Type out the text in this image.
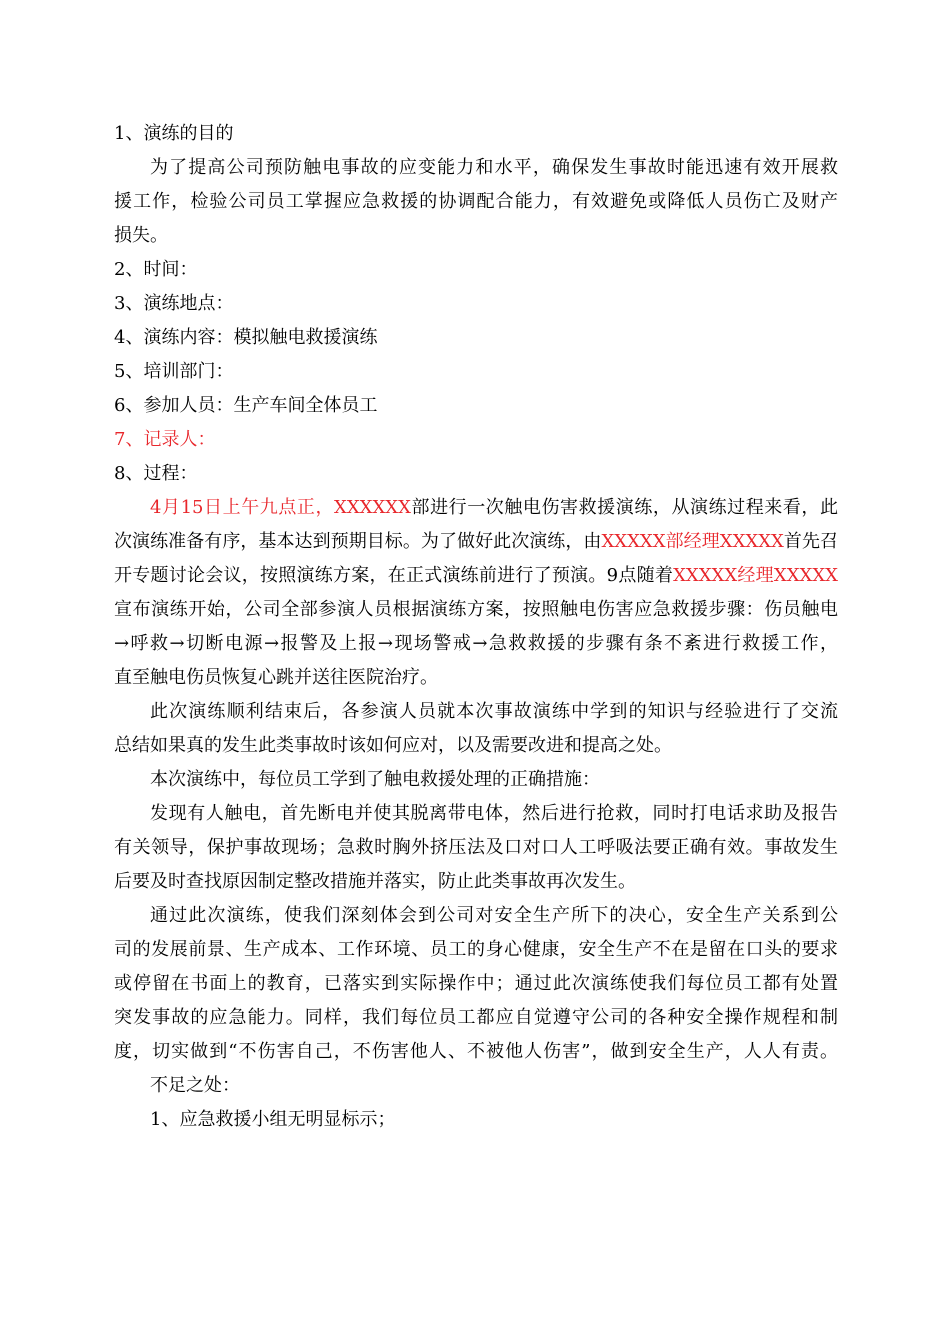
1、演练的目的
为了提高公司预防触电事故的应变能力和水平，确保发生事故时能迅速有效开展救
援工作，检验公司员工掌握应急救援的协调配合能力，有效避免或降低人员伤亡及财产
损失。
2、时间：
3、演练地点：
4、演练内容：模拟触电救援演练
5、培训部门：
6、参加人员：生产车间全体员工
7、记录人：
8、过程：
4月15日上午九点正，XXXXXX部进行一次触电伤害救援演练，从演练过程来看，此
次演练准备有序，基本达到预期目标。为了做好此次演练，由XXXXX部经理XXXXX首先召
开专题讨论会议，按照演练方案，在正式演练前进行了预演。9点随着XXXXX经理XXXXX
宣布演练开始，公司全部参演人员根据演练方案，按照触电伤害应急救援步骤：伤员触电
→呼救→切断电源→报警及上报→现场警戒→急救救援的步骤有条不紊进行救援工作，
直至触电伤员恢复心跳并送往医院治疗。
此次演练顺利结束后，各参演人员就本次事故演练中学到的知识与经验进行了交流
总结如果真的发生此类事故时该如何应对，以及需要改进和提高之处。
本次演练中，每位员工学到了触电救援处理的正确措施：
发现有人触电，首先断电并使其脱离带电体，然后进行抢救，同时打电话求助及报告
有关领导，保护事故现场；急救时胸外挤压法及口对口人工呼吸法要正确有效。事故发生
后要及时查找原因制定整改措施并落实，防止此类事故再次发生。
通过此次演练，使我们深刻体会到公司对安全生产所下的决心，安全生产关系到公
司的发展前景、生产成本、工作环境、员工的身心健康，安全生产不在是留在口头的要求
或停留在书面上的教育，已落实到实际操作中；通过此次演练使我们每位员工都有处置
突发事故的应急能力。同样，我们每位员工都应自觉遵守公司的各种安全操作规程和制
度，切实做到“不伤害自己，不伤害他人、不被他人伤害”，做到安全生产，人人有责。
不足之处：
1、应急救援小组无明显标示；
